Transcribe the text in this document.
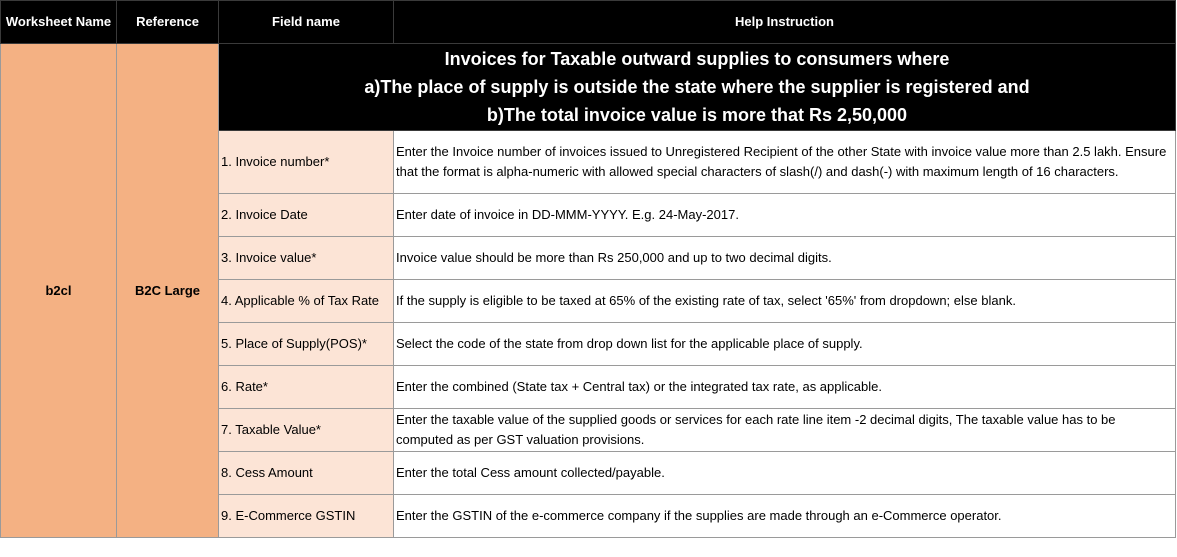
Worksheet Name	Reference	Field name	Help Instruction
b2cl	B2C Large	Invoices for Taxable outward supplies to consumers where
a)The place of supply is outside the state where the supplier is registered and
b)The total invoice value is more that Rs 2,50,000	

		1. Invoice number*	Enter the Invoice number of invoices issued to Unregistered Recipient of the other State with invoice value more than 2.5 lakh. Ensure that the format is alpha-numeric with allowed special characters of slash(/) and dash(-) with maximum length of 16 characters.
		2. Invoice Date	Enter date of invoice in DD-MMM-YYYY. E.g. 24-May-2017.
		3. Invoice value*	Invoice value should be more than Rs 250,000 and up to two decimal digits.
		4. Applicable % of Tax Rate	If the supply is eligible to be taxed at 65% of the existing rate of tax, select '65%' from dropdown; else blank.
		5. Place of Supply(POS)*	Select the code of the state from drop down list for the applicable place of supply.
		6. Rate*	Enter the combined (State tax + Central tax) or the integrated tax rate, as applicable.
		7. Taxable Value*	Enter the taxable value of the supplied goods or services for each rate line item -2 decimal digits, The taxable value has to be computed as per GST valuation provisions.
		8. Cess Amount	Enter the total Cess amount collected/payable.
		9. E-Commerce GSTIN	Enter the GSTIN of the e-commerce company if the supplies are made through an e-Commerce operator.
